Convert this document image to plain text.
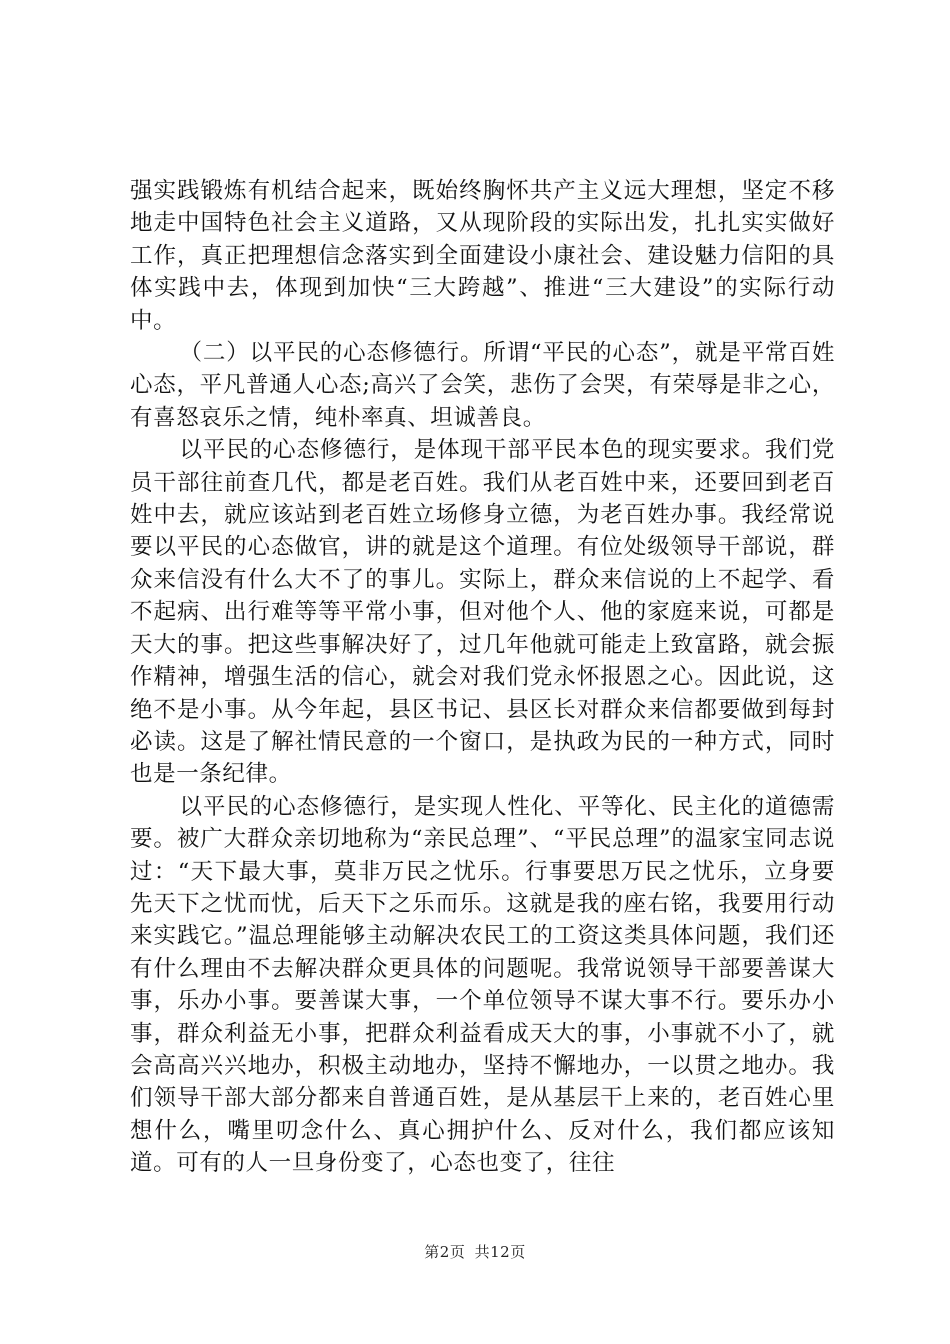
强实践锻炼有机结合起来，既始终胸怀共产主义远大理想，坚定不移地走中国特色社会主义道路，又从现阶段的实际出发，扎扎实实做好工作，真正把理想信念落实到全面建设小康社会、建设魅力信阳的具体实践中去，体现到加快“三大跨越”、推进“三大建设”的实际行动中。

（二）以平民的心态修德行。所谓“平民的心态”，就是平常百姓心态，平凡普通人心态;高兴了会笑，悲伤了会哭，有荣辱是非之心，有喜怒哀乐之情，纯朴率真、坦诚善良。

以平民的心态修德行，是体现干部平民本色的现实要求。我们党员干部往前查几代，都是老百姓。我们从老百姓中来，还要回到老百姓中去，就应该站到老百姓立场修身立德，为老百姓办事。我经常说要以平民的心态做官，讲的就是这个道理。有位处级领导干部说，群众来信没有什么大不了的事儿。实际上，群众来信说的上不起学、看不起病、出行难等等平常小事，但对他个人、他的家庭来说，可都是天大的事。把这些事解决好了，过几年他就可能走上致富路，就会振作精神，增强生活的信心，就会对我们党永怀报恩之心。因此说，这绝不是小事。从今年起，县区书记、县区长对群众来信都要做到每封必读。这是了解社情民意的一个窗口，是执政为民的一种方式，同时也是一条纪律。

以平民的心态修德行，是实现人性化、平等化、民主化的道德需要。被广大群众亲切地称为“亲民总理”、“平民总理”的温家宝同志说过：“天下最大事，莫非万民之忧乐。行事要思万民之忧乐，立身要先天下之忧而忧，后天下之乐而乐。这就是我的座右铭，我要用行动来实践它。”温总理能够主动解决农民工的工资这类具体问题，我们还有什么理由不去解决群众更具体的问题呢。我常说领导干部要善谋大事，乐办小事。要善谋大事，一个单位领导不谋大事不行。要乐办小事，群众利益无小事，把群众利益看成天大的事，小事就不小了，就会高高兴兴地办，积极主动地办，坚持不懈地办，一以贯之地办。我们领导干部大部分都来自普通百姓，是从基层干上来的，老百姓心里想什么，嘴里叨念什么、真心拥护什么、反对什么，我们都应该知道。可有的人一旦身份变了，心态也变了，往往

第2页 共12页
